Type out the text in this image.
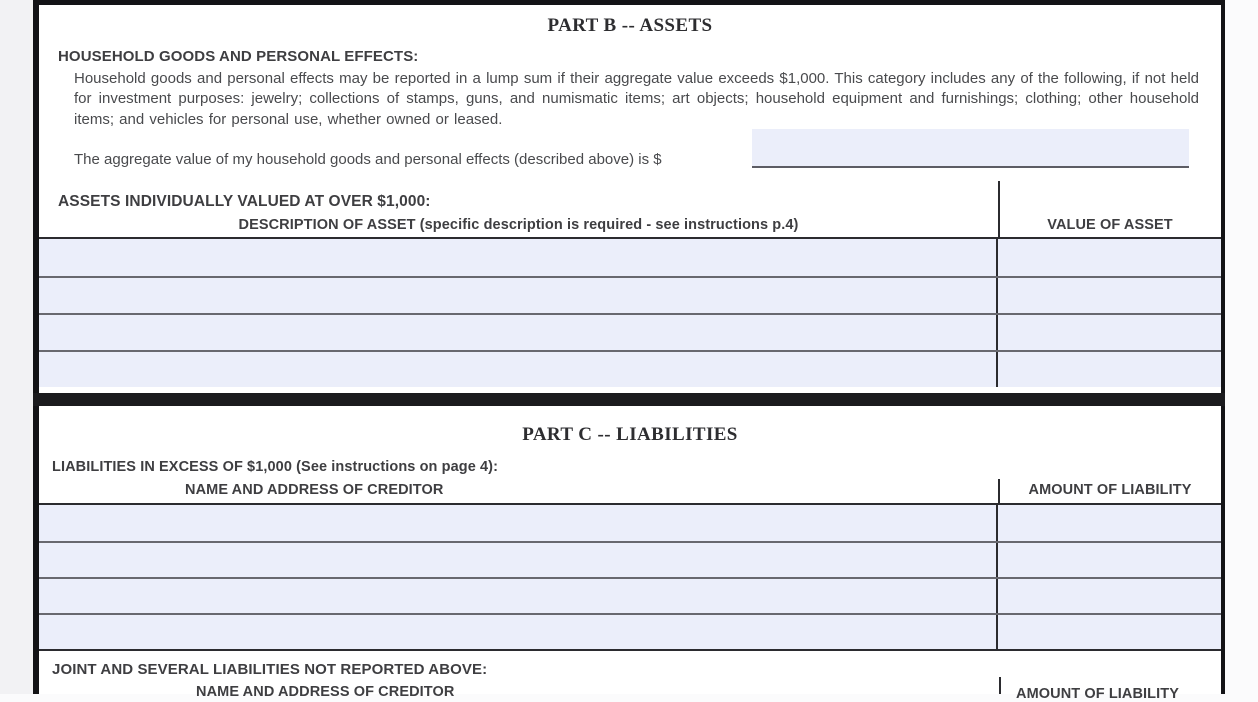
PART B -- ASSETS
HOUSEHOLD GOODS AND PERSONAL EFFECTS:
Household goods and personal effects may be reported in a lump sum if their aggregate value exceeds $1,000. This category includes any of the following, if not held for investment purposes: jewelry; collections of stamps, guns, and numismatic items; art objects; household equipment and furnishings; clothing; other household items; and vehicles for personal use, whether owned or leased.
The aggregate value of my household goods and personal effects (described above) is $
ASSETS INDIVIDUALLY VALUED AT OVER $1,000:
DESCRIPTION OF ASSET (specific description is required - see instructions p.4)	VALUE OF ASSET
PART C -- LIABILITIES
LIABILITIES IN EXCESS OF $1,000 (See instructions on page 4):
NAME AND ADDRESS OF CREDITOR	AMOUNT OF LIABILITY
JOINT AND SEVERAL LIABILITIES NOT REPORTED ABOVE:
NAME AND ADDRESS OF CREDITOR	AMOUNT OF LIABILITY
